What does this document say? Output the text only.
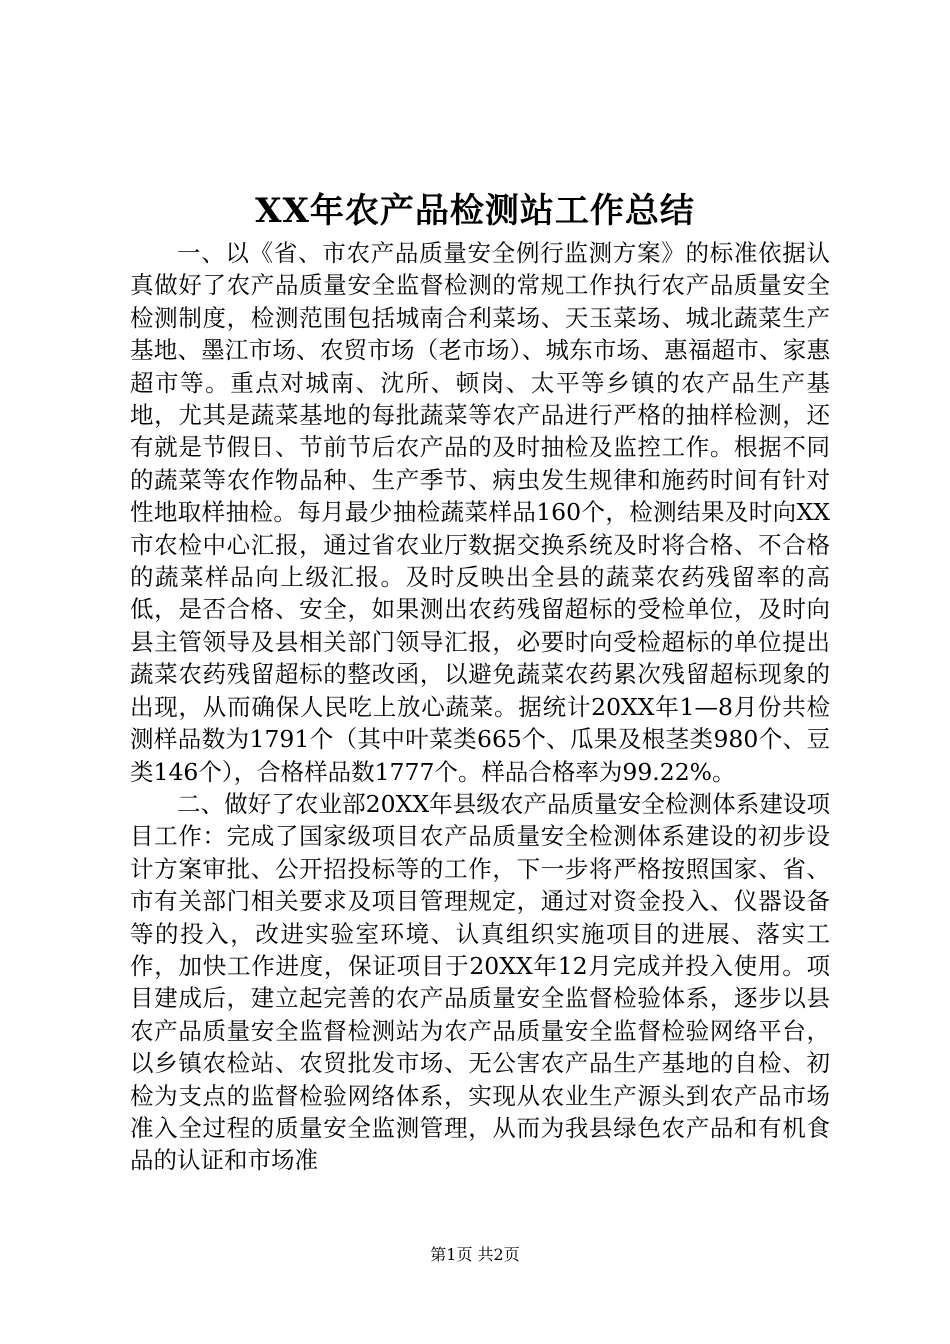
XX年农产品检测站工作总结

一、以《省、市农产品质量安全例行监测方案》的标准依据认真做好了农产品质量安全监督检测的常规工作执行农产品质量安全检测制度，检测范围包括城南合利菜场、天玉菜场、城北蔬菜生产基地、墨江市场、农贸市场（老市场）、城东市场、惠福超市、家惠超市等。重点对城南、沈所、顿岗、太平等乡镇的农产品生产基地，尤其是蔬菜基地的每批蔬菜等农产品进行严格的抽样检测，还有就是节假日、节前节后农产品的及时抽检及监控工作。根据不同的蔬菜等农作物品种、生产季节、病虫发生规律和施药时间有针对性地取样抽检。每月最少抽检蔬菜样品160个，检测结果及时向XX市农检中心汇报，通过省农业厅数据交换系统及时将合格、不合格的蔬菜样品向上级汇报。及时反映出全县的蔬菜农药残留率的高低，是否合格、安全，如果测出农药残留超标的受检单位，及时向县主管领导及县相关部门领导汇报，必要时向受检超标的单位提出蔬菜农药残留超标的整改函，以避免蔬菜农药累次残留超标现象的出现，从而确保人民吃上放心蔬菜。据统计20XX年1—8月份共检测样品数为1791个（其中叶菜类665个、瓜果及根茎类980个、豆类146个），合格样品数1777个。样品合格率为99.22%。

二、做好了农业部20XX年县级农产品质量安全检测体系建设项目工作：完成了国家级项目农产品质量安全检测体系建设的初步设计方案审批、公开招投标等的工作，下一步将严格按照国家、省、市有关部门相关要求及项目管理规定，通过对资金投入、仪器设备等的投入，改进实验室环境、认真组织实施项目的进展、落实工作，加快工作进度，保证项目于20XX年12月完成并投入使用。项目建成后，建立起完善的农产品质量安全监督检验体系，逐步以县农产品质量安全监督检测站为农产品质量安全监督检验网络平台，以乡镇农检站、农贸批发市场、无公害农产品生产基地的自检、初检为支点的监督检验网络体系，实现从农业生产源头到农产品市场准入全过程的质量安全监测管理，从而为我县绿色农产品和有机食品的认证和市场准

第1页 共2页
